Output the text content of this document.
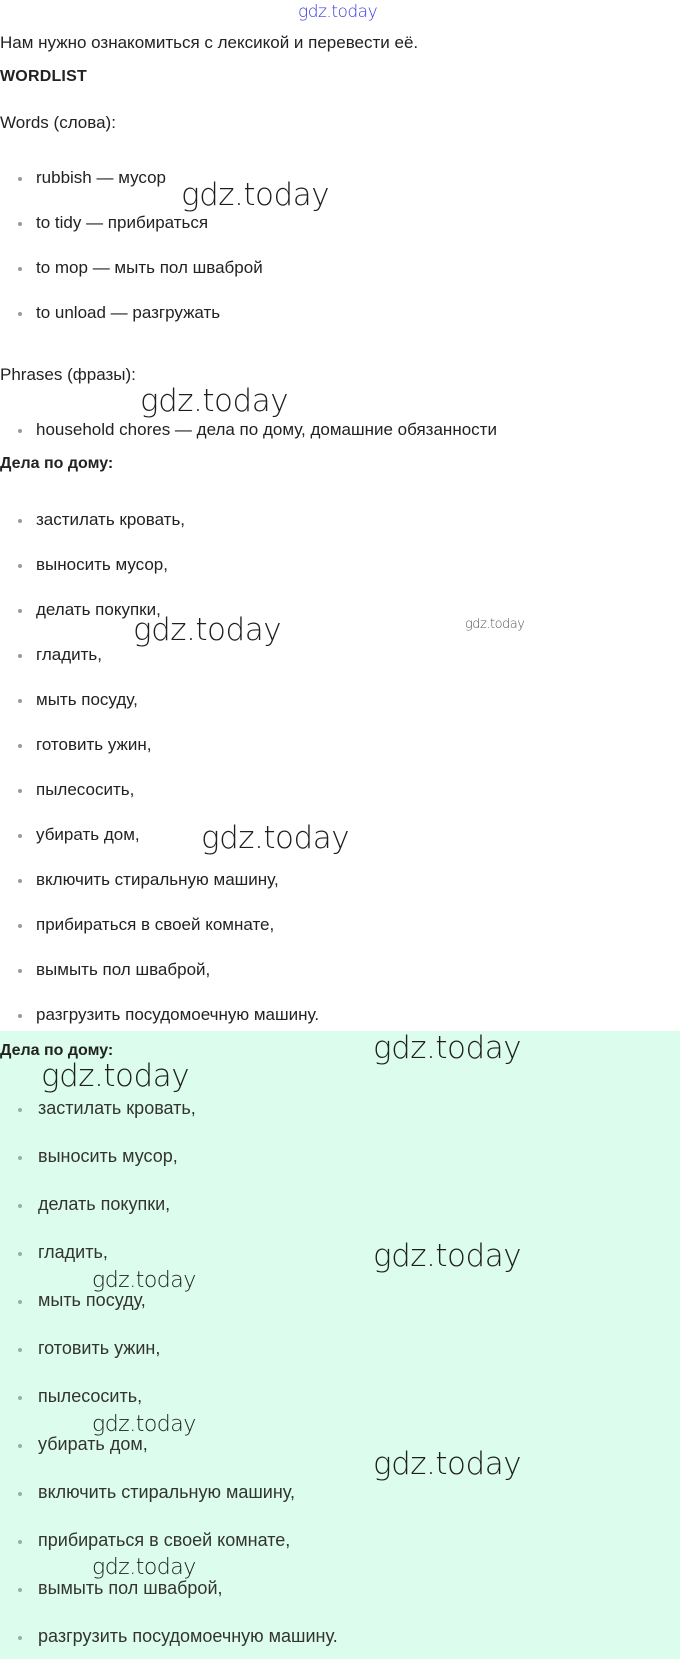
gdz.today
Нам нужно ознакомиться с лексикой и перевести её.
WORDLIST
Words (слова):
rubbish — мусор
to tidy — прибираться
to mop — мыть пол шваброй
to unload — разгружать
Phrases (фразы):
household chores — дела по дому, домашние обязанности
Дела по дому:
застилать кровать,
выносить мусор,
делать покупки,
гладить,
мыть посуду,
готовить ужин,
пылесосить,
убирать дом,
включить стиральную машину,
прибираться в своей комнате,
вымыть пол шваброй,
разгрузить посудомоечную машину.
Дела по дому:
застилать кровать,
выносить мусор,
делать покупки,
гладить,
мыть посуду,
готовить ужин,
пылесосить,
убирать дом,
включить стиральную машину,
прибираться в своей комнате,
вымыть пол шваброй,
разгрузить посудомоечную машину.
gdz.today
gdz.today
gdz.today	gdz.today
gdz.today
gdz.today
gdz.today
gdz.today
gdz.today
gdz.today
gdz.today
gdz.today
